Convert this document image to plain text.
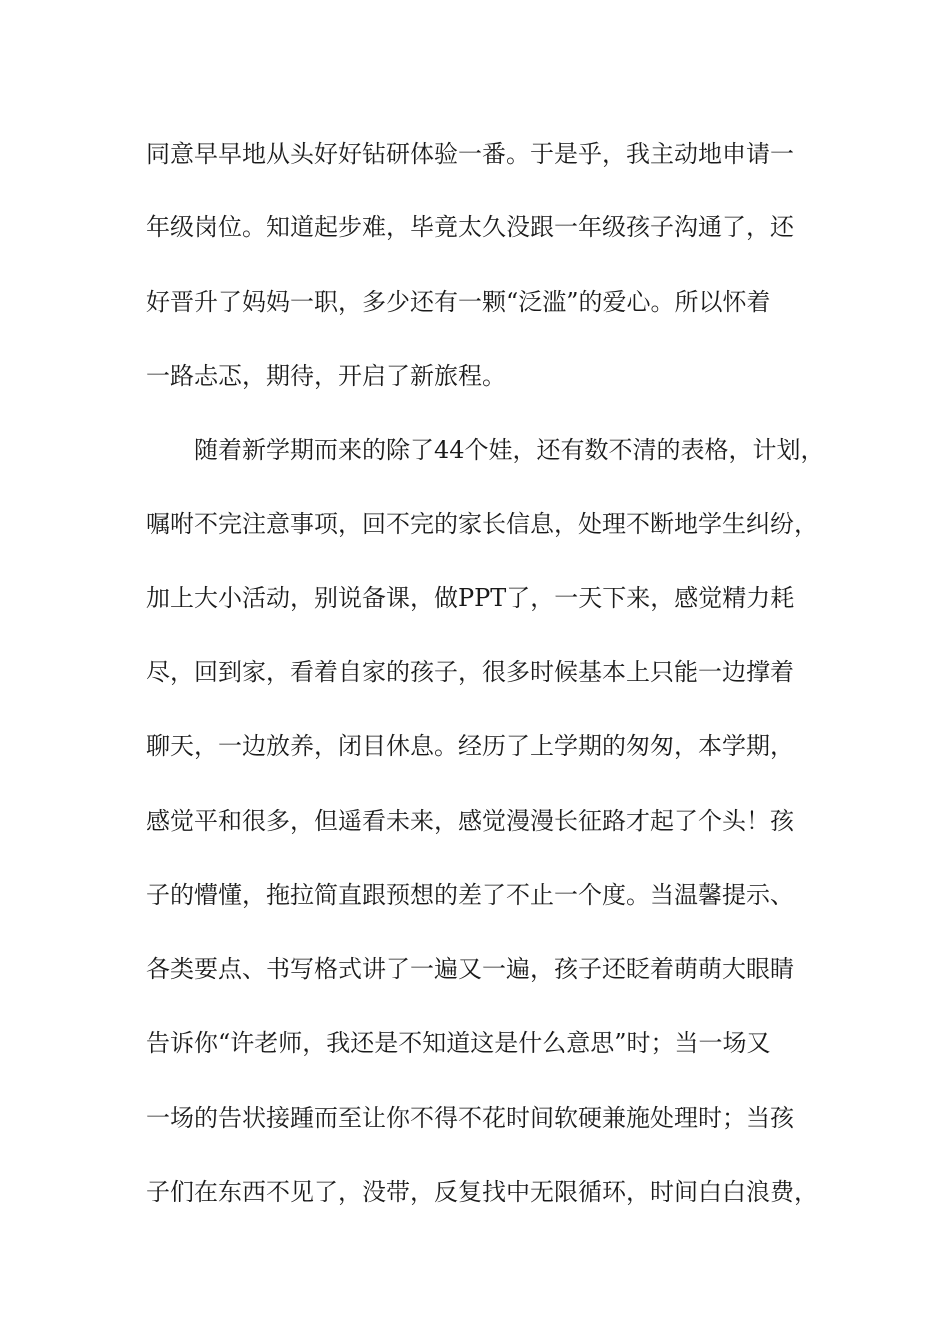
同意早早地从头好好钻研体验一番。于是乎，我主动地申请一
年级岗位。知道起步难，毕竟太久没跟一年级孩子沟通了，还
好晋升了妈妈一职，多少还有一颗“泛滥”的爱心。所以怀着
一路忐忑，期待，开启了新旅程。
随着新学期而来的除了44个娃，还有数不清的表格，计划，
嘱咐不完注意事项，回不完的家长信息，处理不断地学生纠纷，
加上大小活动，别说备课，做PPT了，一天下来，感觉精力耗
尽，回到家，看着自家的孩子，很多时候基本上只能一边撑着
聊天，一边放养，闭目休息。经历了上学期的匆匆，本学期，
感觉平和很多，但遥看未来，感觉漫漫长征路才起了个头！孩
子的懵懂，拖拉简直跟预想的差了不止一个度。当温馨提示、
各类要点、书写格式讲了一遍又一遍，孩子还眨着萌萌大眼睛
告诉你“许老师，我还是不知道这是什么意思”时；当一场又
一场的告状接踵而至让你不得不花时间软硬兼施处理时；当孩
子们在东西不见了，没带，反复找中无限循环，时间白白浪费，
